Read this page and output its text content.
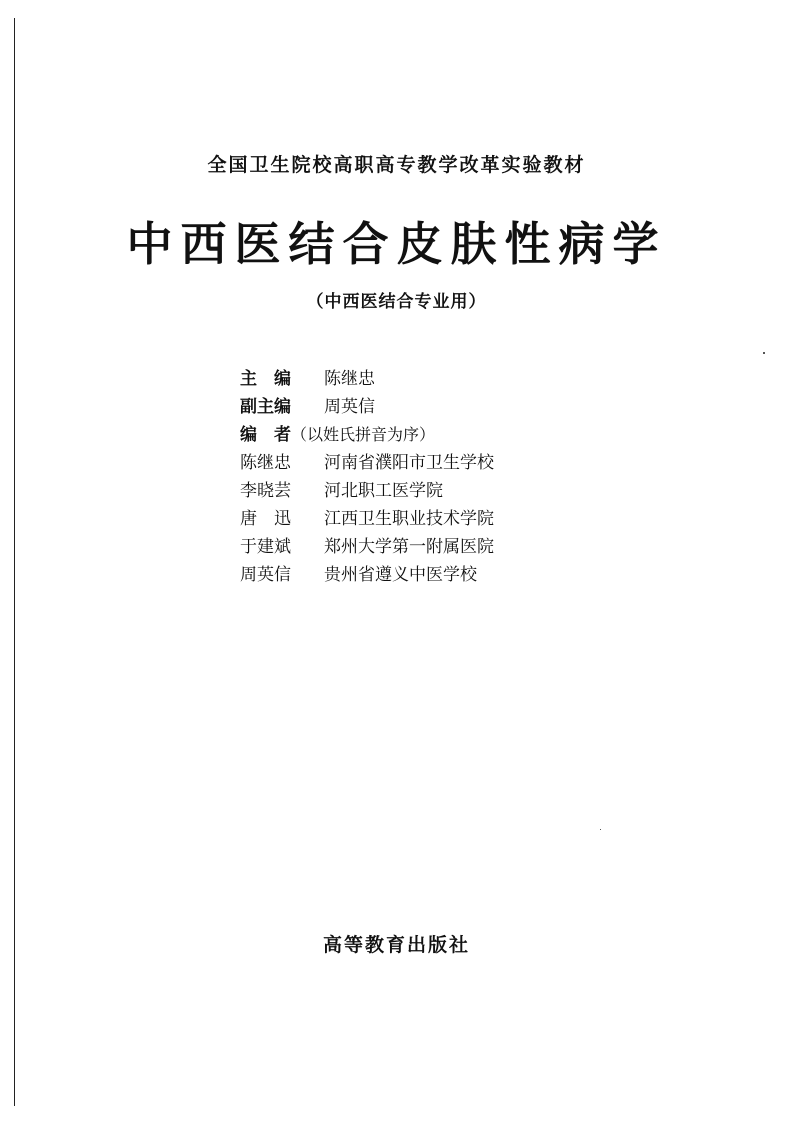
全国卫生院校高职高专教学改革实验教材
中西医结合皮肤性病学
（中西医结合专业用）
主　编	陈继忠
副主编	周英信
编　者 （以姓氏拼音为序）
陈继忠	河南省濮阳市卫生学校
李晓芸	河北职工医学院
唐　迅	江西卫生职业技术学院
于建斌	郑州大学第一附属医院
周英信	贵州省遵义中医学校
高等教育出版社
